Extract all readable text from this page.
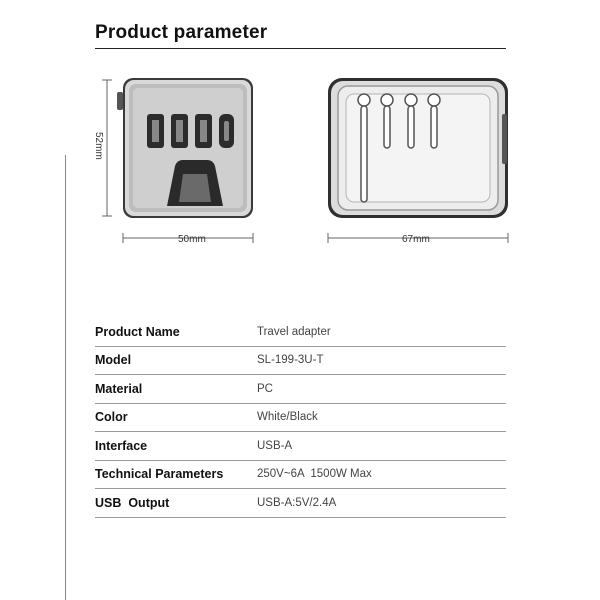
Product parameter
52mm
50mm	67mm
Product Name	Travel adapter
Model	SL-199-3U-T
Material	PC
Color	White/Black
Interface	USB-A
Technical Parameters	250V~6A  1500W Max
USB  Output	USB-A:5V/2.4A
